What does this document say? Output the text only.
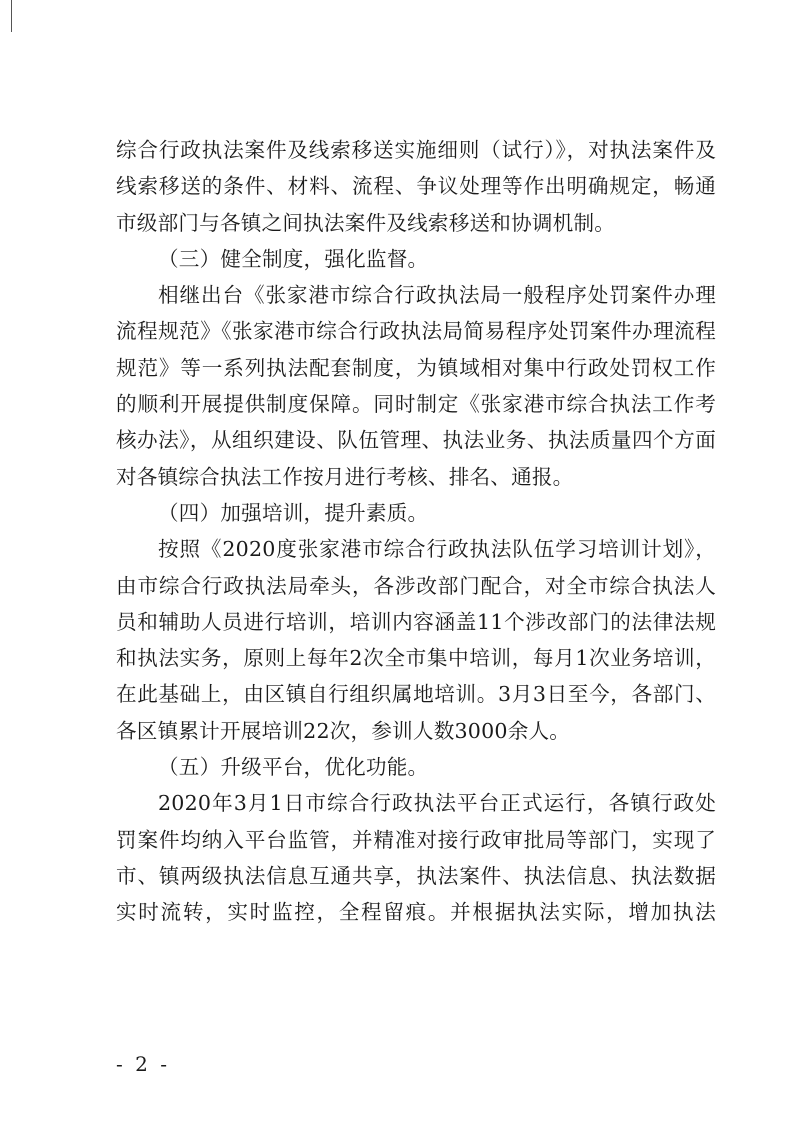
综合行政执法案件及线索移送实施细则（试行）》，对执法案件及线索移送的条件、材料、流程、争议处理等作出明确规定，畅通市级部门与各镇之间执法案件及线索移送和协调机制。

（三）健全制度，强化监督。

相继出台《张家港市综合行政执法局一般程序处罚案件办理流程规范》《张家港市综合行政执法局简易程序处罚案件办理流程规范》等一系列执法配套制度，为镇域相对集中行政处罚权工作的顺利开展提供制度保障。同时制定《张家港市综合执法工作考核办法》，从组织建设、队伍管理、执法业务、执法质量四个方面对各镇综合执法工作按月进行考核、排名、通报。

（四）加强培训，提升素质。

按照《2020度张家港市综合行政执法队伍学习培训计划》，由市综合行政执法局牵头，各涉改部门配合，对全市综合执法人员和辅助人员进行培训，培训内容涵盖11个涉改部门的法律法规和执法实务，原则上每年2次全市集中培训，每月1次业务培训，在此基础上，由区镇自行组织属地培训。3月3日至今，各部门、各区镇累计开展培训22次，参训人数3000余人。

（五）升级平台，优化功能。

2020年3月1日市综合行政执法平台正式运行，各镇行政处罚案件均纳入平台监管，并精准对接行政审批局等部门，实现了市、镇两级执法信息互通共享，执法案件、执法信息、执法数据实时流转，实时监控，全程留痕。并根据执法实际，增加执法

- 2 -
